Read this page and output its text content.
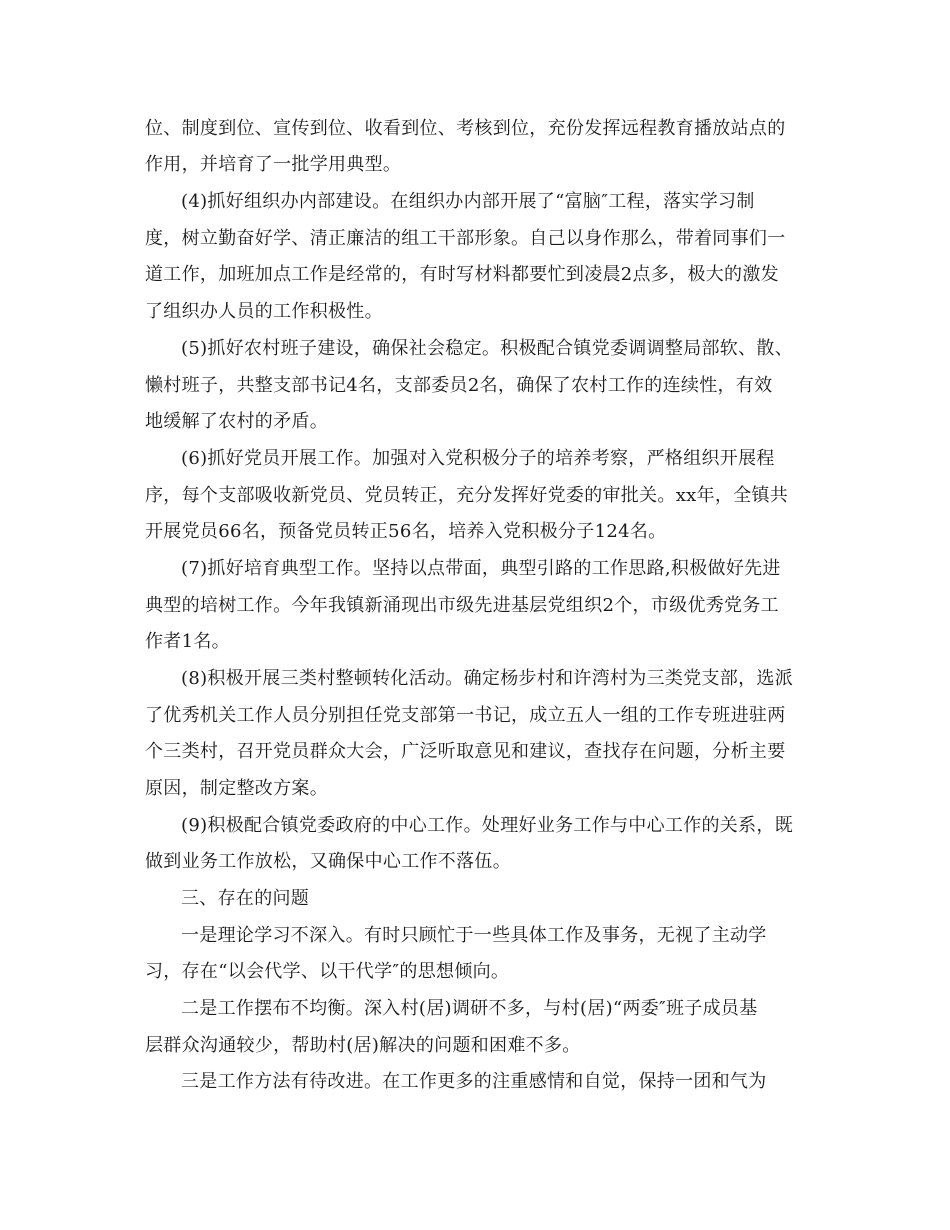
位、制度到位、宣传到位、收看到位、考核到位，充份发挥远程教育播放站点的
作用，并培育了一批学用典型。
(4)抓好组织办内部建设。在组织办内部开展了“富脑″工程，落实学习制
度，树立勤奋好学、清正廉洁的组工干部形象。自己以身作那么，带着同事们一
道工作，加班加点工作是经常的，有时写材料都要忙到凌晨2点多，极大的激发
了组织办人员的工作积极性。
(5)抓好农村班子建设，确保社会稳定。积极配合镇党委调调整局部软、散、
懒村班子，共整支部书记4名，支部委员2名，确保了农村工作的连续性，有效
地缓解了农村的矛盾。
(6)抓好党员开展工作。加强对入党积极分子的培养考察，严格组织开展程
序，每个支部吸收新党员、党员转正，充分发挥好党委的审批关。xx年，全镇共
开展党员66名，预备党员转正56名，培养入党积极分子124名。
(7)抓好培育典型工作。坚持以点带面，典型引路的工作思路,积极做好先进
典型的培树工作。今年我镇新涌现出市级先进基层党组织2个，市级优秀党务工
作者1名。
(8)积极开展三类村整顿转化活动。确定杨步村和许湾村为三类党支部，选派
了优秀机关工作人员分别担任党支部第一书记，成立五人一组的工作专班进驻两
个三类村，召开党员群众大会，广泛听取意见和建议，查找存在问题，分析主要
原因，制定整改方案。
(9)积极配合镇党委政府的中心工作。处理好业务工作与中心工作的关系，既
做到业务工作放松，又确保中心工作不落伍。
三、存在的问题
一是理论学习不深入。有时只顾忙于一些具体工作及事务，无视了主动学
习，存在“以会代学、以干代学″的思想倾向。
二是工作摆布不均衡。深入村(居)调研不多，与村(居)“两委″班子成员基
层群众沟通较少，帮助村(居)解决的问题和困难不多。
三是工作方法有待改进。在工作更多的注重感情和自觉，保持一团和气为
